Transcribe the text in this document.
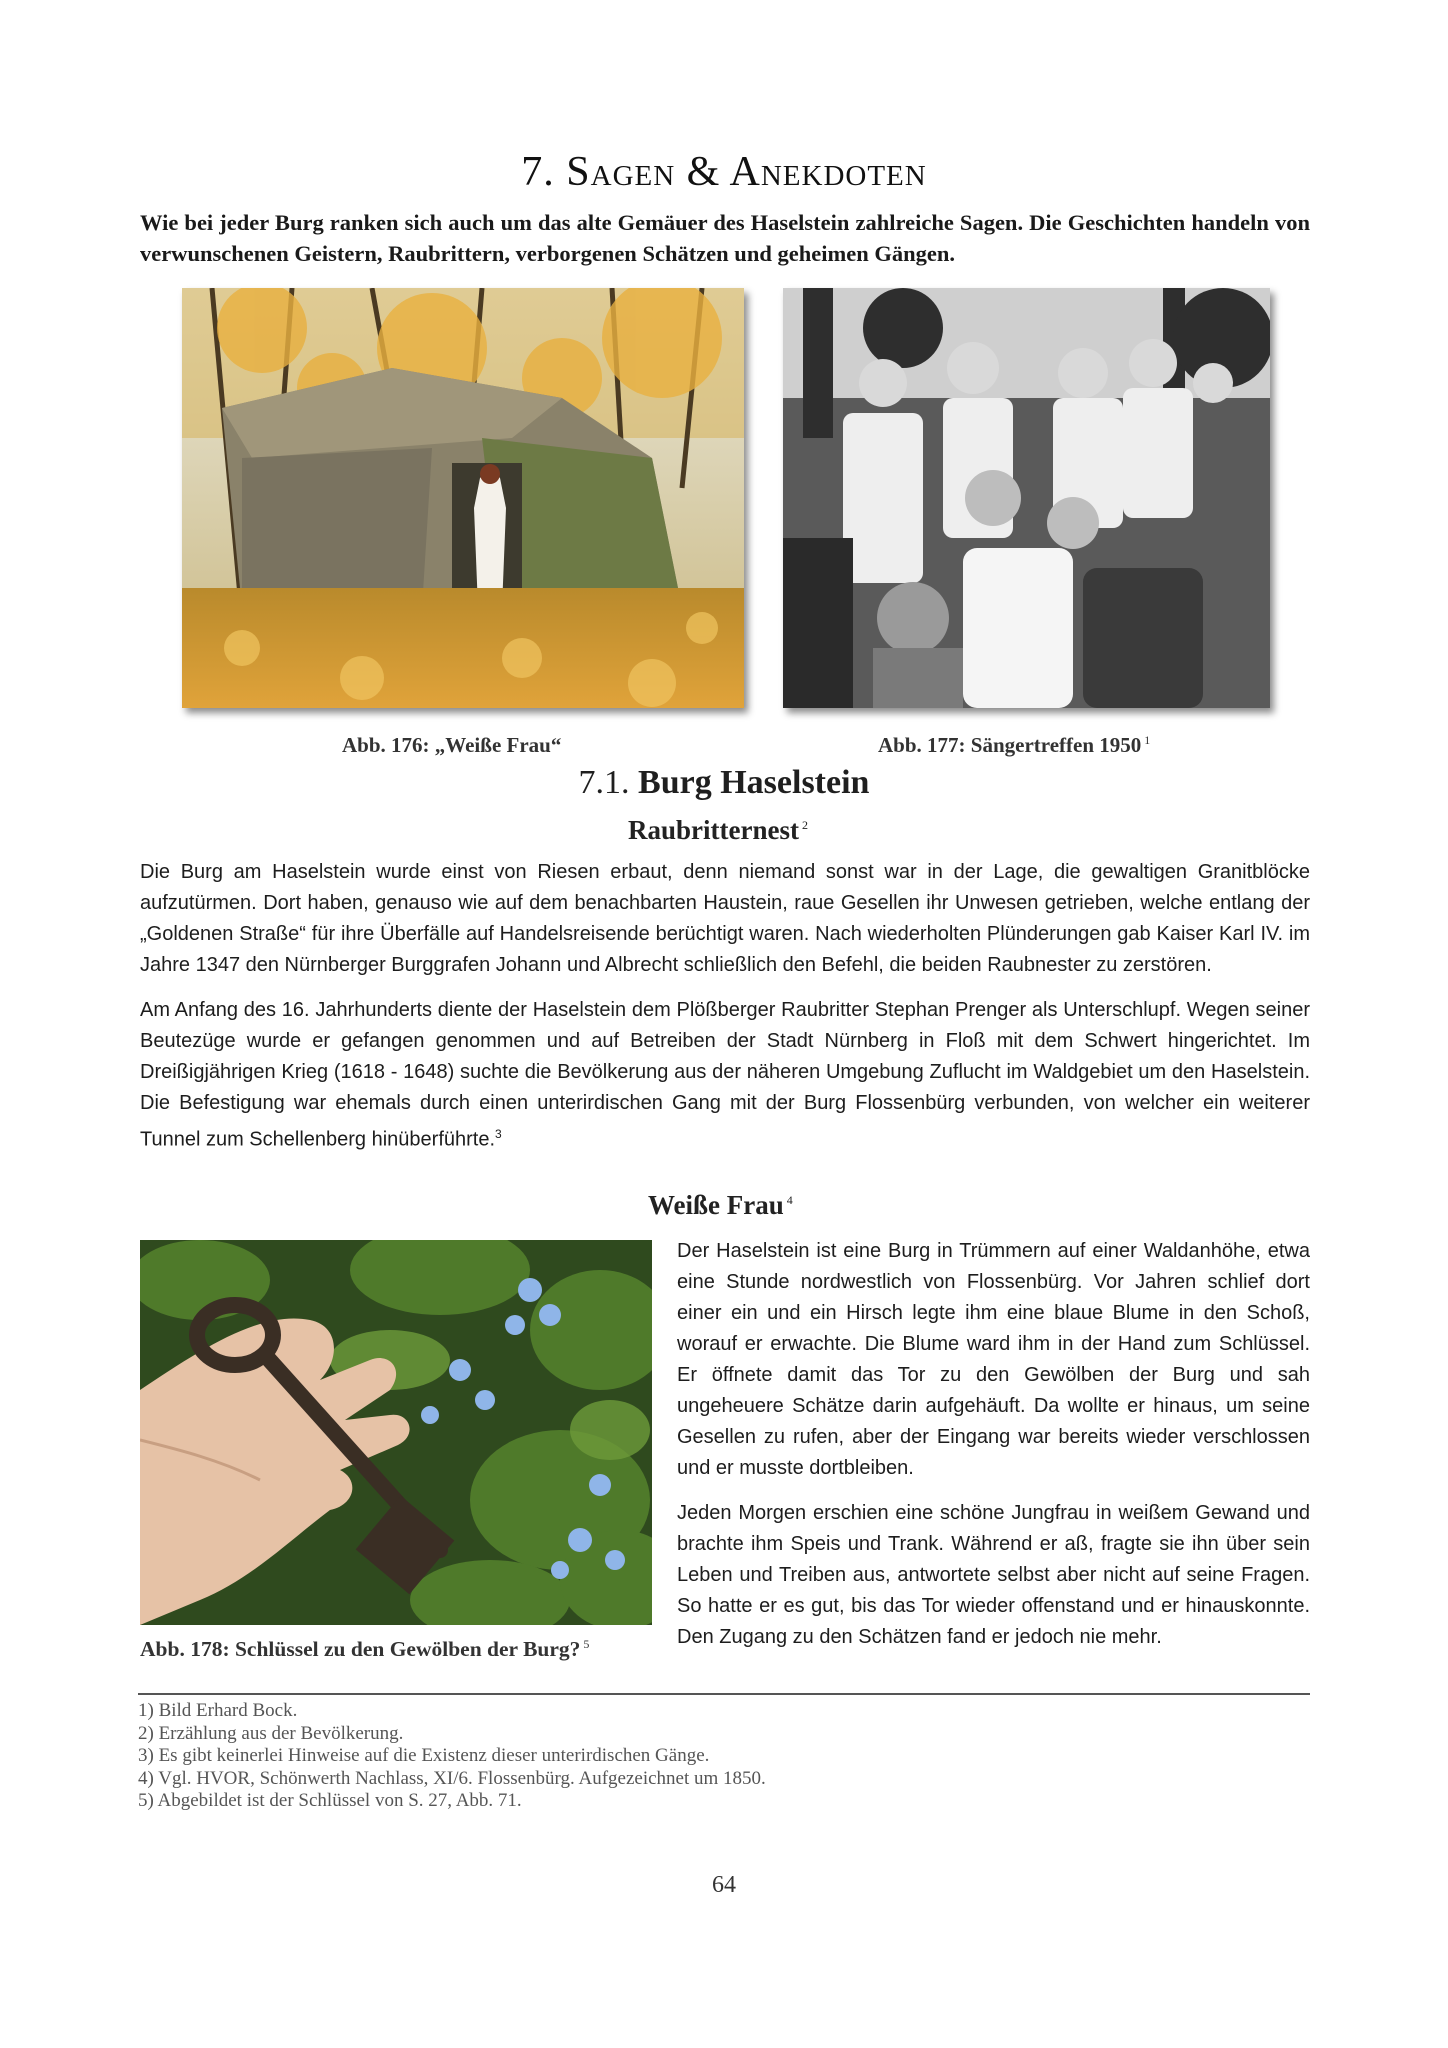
7. Sagen & Anekdoten
Wie bei jeder Burg ranken sich auch um das alte Gemäuer des Haselstein zahlreiche Sagen. Die Geschichten handeln von verwunschenen Geistern, Raubrittern, verborgenen Schätzen und geheimen Gängen.
Abb. 176: „Weiße Frau“	Abb. 177: Sängertreffen 1950 $^1$
7.1. Burg Haselstein
Raubritternest $^2$

Die Burg am Haselstein wurde einst von Riesen erbaut, denn niemand sonst war in der Lage, die gewaltigen Granitblöcke aufzutürmen. Dort haben, genauso wie auf dem benachbarten Haustein, raue Gesellen ihr Unwesen getrieben, welche entlang der „Goldenen Straße“ für ihre Überfälle auf Handelsreisende berüchtigt waren. Nach wiederholten Plünderungen gab Kaiser Karl IV. im Jahre 1347 den Nürnberger Burggrafen Johann und Albrecht schließlich den Befehl, die beiden Raubnester zu zerstören.

Am Anfang des 16. Jahrhunderts diente der Haselstein dem Plößberger Raubritter Stephan Prenger als Unterschlupf. Wegen seiner Beutezüge wurde er gefangen genommen und auf Betreiben der Stadt Nürnberg in Floß mit dem Schwert hingerichtet. Im Dreißigjährigen Krieg (1618 - 1648) suchte die Bevölkerung aus der näheren Umgebung Zuflucht im Waldgebiet um den Haselstein. Die Befestigung war ehemals durch einen unterirdischen Gang mit der Burg Flossenbürg verbunden, von welcher ein weiterer Tunnel zum Schellenberg hinüberführte.$^3$

Weiße Frau $^4$
Abb. 178: Schlüssel zu den Gewölben der Burg? $^5$

Der Haselstein ist eine Burg in Trümmern auf einer Waldanhöhe, etwa eine Stunde nordwestlich von Flossenbürg. Vor Jahren schlief dort einer ein und ein Hirsch legte ihm eine blaue Blume in den Schoß, worauf er erwachte. Die Blume ward ihm in der Hand zum Schlüssel. Er öffnete damit das Tor zu den Gewölben der Burg und sah ungeheuere Schätze darin aufgehäuft. Da wollte er hinaus, um seine Gesellen zu rufen, aber der Eingang war bereits wieder verschlossen und er musste dortbleiben.

Jeden Morgen erschien eine schöne Jungfrau in weißem Gewand und brachte ihm Speis und Trank. Während er aß, fragte sie ihn über sein Leben und Treiben aus, antwortete selbst aber nicht auf seine Fragen. So hatte er es gut, bis das Tor wieder offenstand und er hinauskonnte. Den Zugang zu den Schätzen fand er jedoch nie mehr.

1) Bild Erhard Bock.
2) Erzählung aus der Bevölkerung.
3) Es gibt keinerlei Hinweise auf die Existenz dieser unterirdischen Gänge.
4) Vgl. HVOR, Schönwerth Nachlass, XI/6. Flossenbürg. Aufgezeichnet um 1850.
5) Abgebildet ist der Schlüssel von S. 27, Abb. 71.
64
